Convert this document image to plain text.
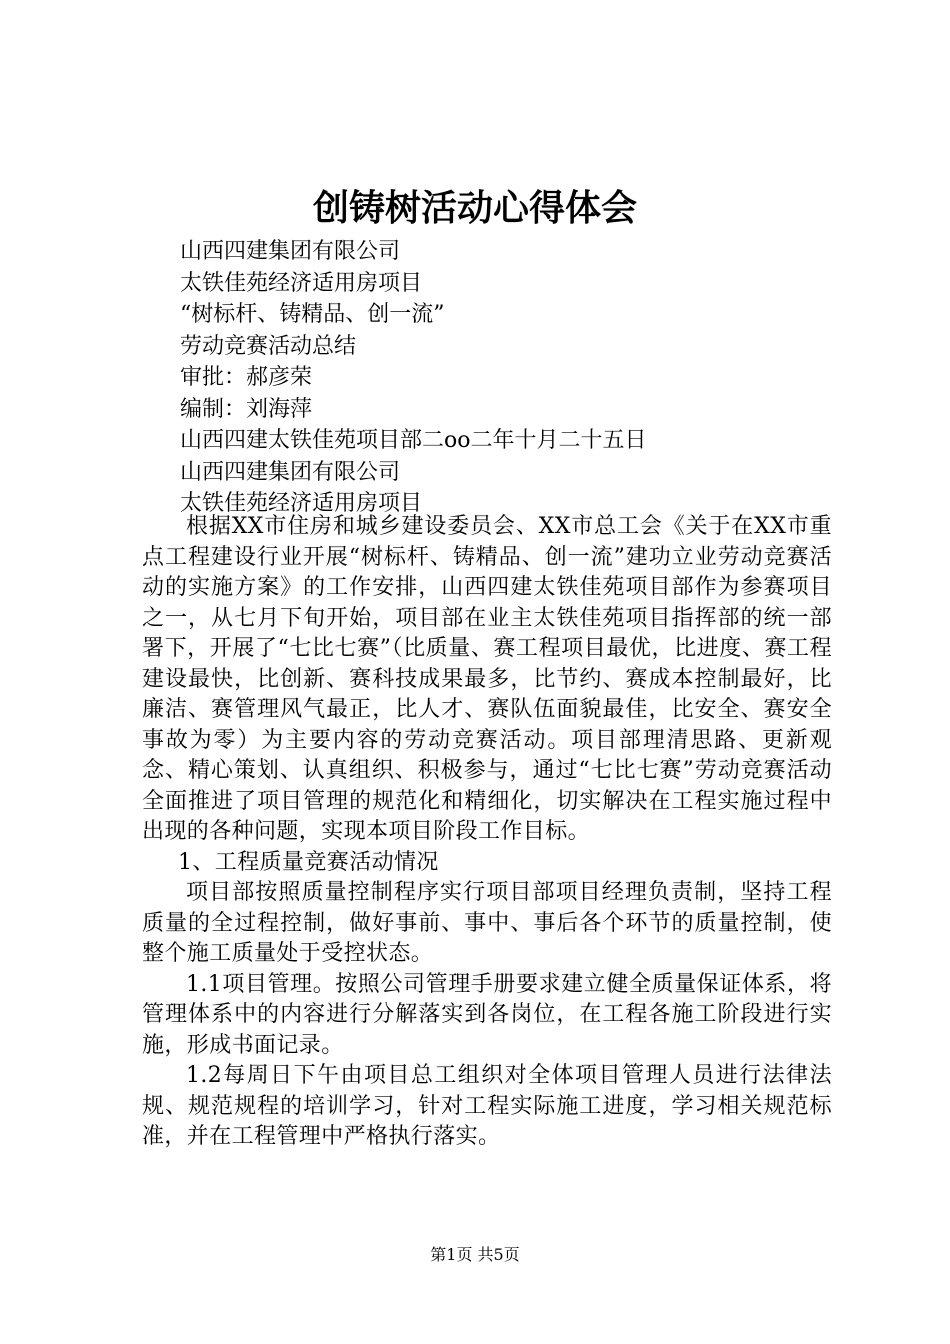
创铸树活动心得体会
山西四建集团有限公司
太铁佳苑经济适用房项目
“树标杆、铸精品、创一流”
劳动竞赛活动总结
审批：郝彦荣
编制：刘海萍
山西四建太铁佳苑项目部二oo二年十月二十五日
山西四建集团有限公司
太铁佳苑经济适用房项目

根据XX市住房和城乡建设委员会、XX市总工会《关于在XX市重点工程建设行业开展“树标杆、铸精品、创一流”建功立业劳动竞赛活动的实施方案》的工作安排，山西四建太铁佳苑项目部作为参赛项目之一，从七月下旬开始，项目部在业主太铁佳苑项目指挥部的统一部署下，开展了“七比七赛”（比质量、赛工程项目最优，比进度、赛工程建设最快，比创新、赛科技成果最多，比节约、赛成本控制最好，比廉洁、赛管理风气最正，比人才、赛队伍面貌最佳，比安全、赛安全事故为零）为主要内容的劳动竞赛活动。项目部理清思路、更新观念、精心策划、认真组织、积极参与，通过“七比七赛”劳动竞赛活动全面推进了项目管理的规范化和精细化，切实解决在工程实施过程中出现的各种问题，实现本项目阶段工作目标。

1、工程质量竞赛活动情况

项目部按照质量控制程序实行项目部项目经理负责制，坚持工程质量的全过程控制，做好事前、事中、事后各个环节的质量控制，使整个施工质量处于受控状态。

1.1项目管理。按照公司管理手册要求建立健全质量保证体系，将管理体系中的内容进行分解落实到各岗位，在工程各施工阶段进行实施，形成书面记录。

1.2每周日下午由项目总工组织对全体项目管理人员进行法律法规、规范规程的培训学习，针对工程实际施工进度，学习相关规范标准，并在工程管理中严格执行落实。

第1页 共5页
